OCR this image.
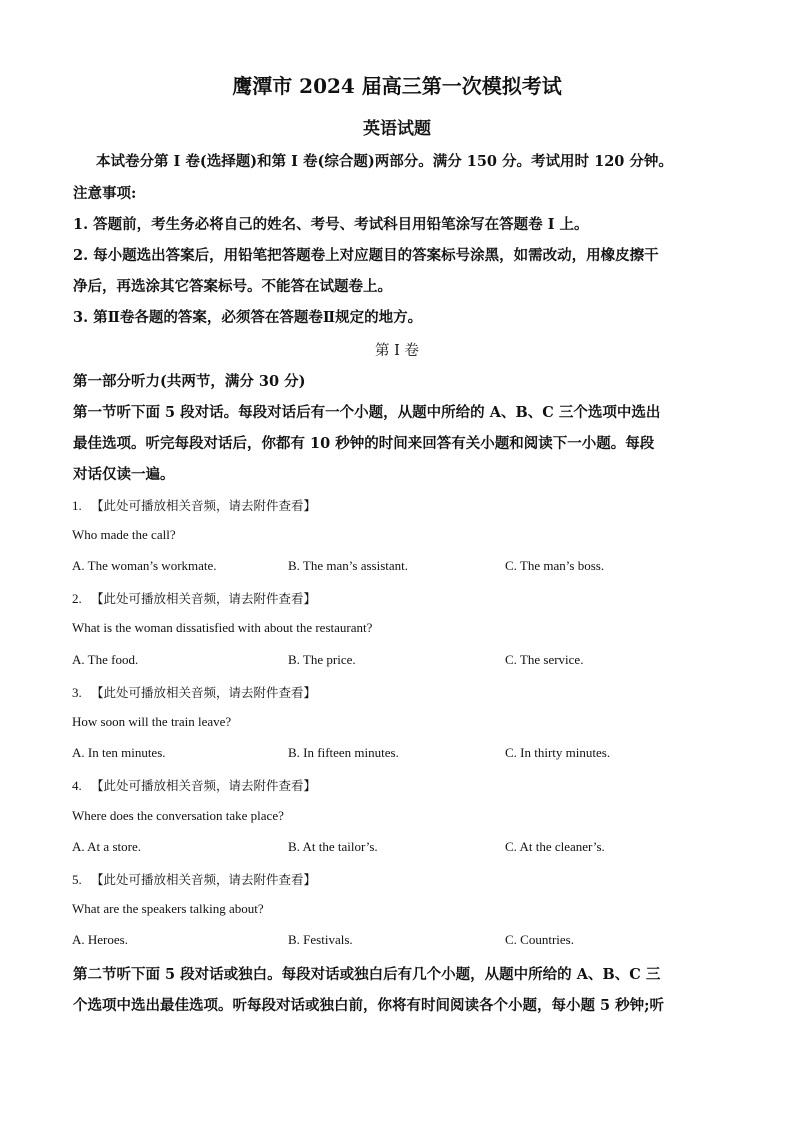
鹰潭市 2024 届高三第一次模拟考试
英语试题
本试卷分第 I 卷(选择题)和第 I 卷(综合题)两部分。满分 150 分。考试用时 120 分钟。
注意事项:
1. 答题前，考生务必将自己的姓名、考号、考试科目用铅笔涂写在答题卷 I 上。
2. 每小题选出答案后，用铅笔把答题卷上对应题目的答案标号涂黑，如需改动，用橡皮擦干
净后，再选涂其它答案标号。不能答在试题卷上。
3. 第Ⅱ卷各题的答案，必须答在答题卷Ⅱ规定的地方。
第 I 卷
第一部分听力(共两节，满分 30 分)
第一节听下面 5 段对话。每段对话后有一个小题，从题中所给的 A、B、C 三个选项中选出
最佳选项。听完每段对话后，你都有 10 秒钟的时间来回答有关小题和阅读下一小题。每段
对话仅读一遍。
1. 【此处可播放相关音频，请去附件查看】
Who made the call?
A. The woman’s workmate.	B. The man’s assistant.	C. The man’s boss.
2. 【此处可播放相关音频，请去附件查看】
What is the woman dissatisfied with about the restaurant?
A. The food.	B. The price.	C. The service.
3. 【此处可播放相关音频，请去附件查看】
How soon will the train leave?
A. In ten minutes.	B. In fifteen minutes.	C. In thirty minutes.
4. 【此处可播放相关音频，请去附件查看】
Where does the conversation take place?
A. At a store.	B. At the tailor’s.	C. At the cleaner’s.
5. 【此处可播放相关音频，请去附件查看】
What are the speakers talking about?
A. Heroes.	B. Festivals.	C. Countries.
第二节听下面 5 段对话或独白。每段对话或独白后有几个小题，从题中所给的 A、B、C 三
个选项中选出最佳选项。听每段对话或独白前，你将有时间阅读各个小题，每小题 5 秒钟;听
